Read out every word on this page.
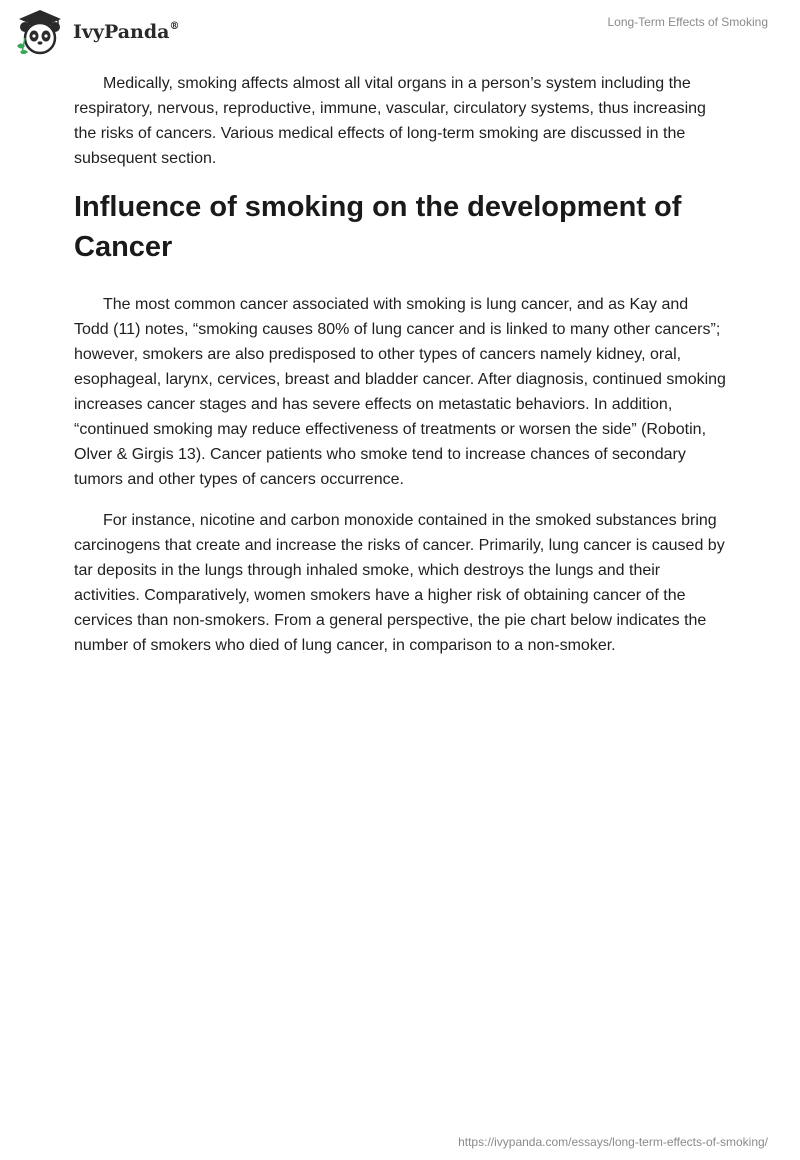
IvyPanda®	Long-Term Effects of Smoking

Medically, smoking affects almost all vital organs in a person’s system including the respiratory, nervous, reproductive, immune, vascular, circulatory systems, thus increasing the risks of cancers. Various medical effects of long-term smoking are discussed in the subsequent section.

Influence of smoking on the development of Cancer

The most common cancer associated with smoking is lung cancer, and as Kay and Todd (11) notes, “smoking causes 80% of lung cancer and is linked to many other cancers”; however, smokers are also predisposed to other types of cancers namely kidney, oral, esophageal, larynx, cervices, breast and bladder cancer. After diagnosis, continued smoking increases cancer stages and has severe effects on metastatic behaviors. In addition, “continued smoking may reduce effectiveness of treatments or worsen the side” (Robotin, Olver & Girgis 13). Cancer patients who smoke tend to increase chances of secondary tumors and other types of cancers occurrence.

For instance, nicotine and carbon monoxide contained in the smoked substances bring carcinogens that create and increase the risks of cancer. Primarily, lung cancer is caused by tar deposits in the lungs through inhaled smoke, which destroys the lungs and their activities. Comparatively, women smokers have a higher risk of obtaining cancer of the cervices than non-smokers. From a general perspective, the pie chart below indicates the number of smokers who died of lung cancer, in comparison to a non-smoker.

https://ivypanda.com/essays/long-term-effects-of-smoking/
